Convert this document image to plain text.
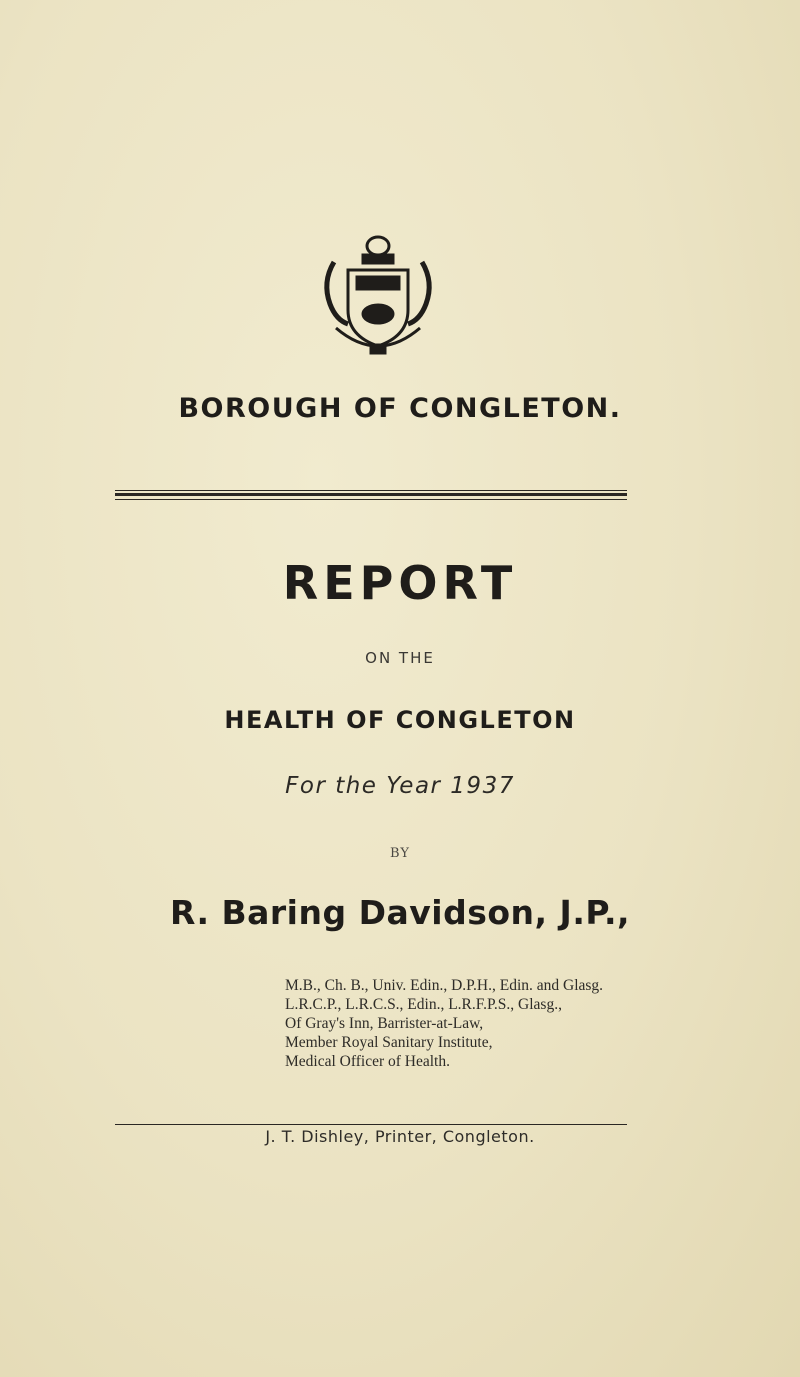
BOROUGH OF CONGLETON.
REPORT
ON THE
HEALTH OF CONGLETON
For the Year 1937
BY
R. Baring Davidson, J.P.,
M.B., Ch. B., Univ. Edin., D.P.H., Edin. and Glasg.
L.R.C.P., L.R.C.S., Edin., L.R.F.P.S., Glasg.,
Of Gray's Inn, Barrister-at-Law,
Member Royal Sanitary Institute,
Medical Officer of Health.
J. T. Dishley, Printer, Congleton.
